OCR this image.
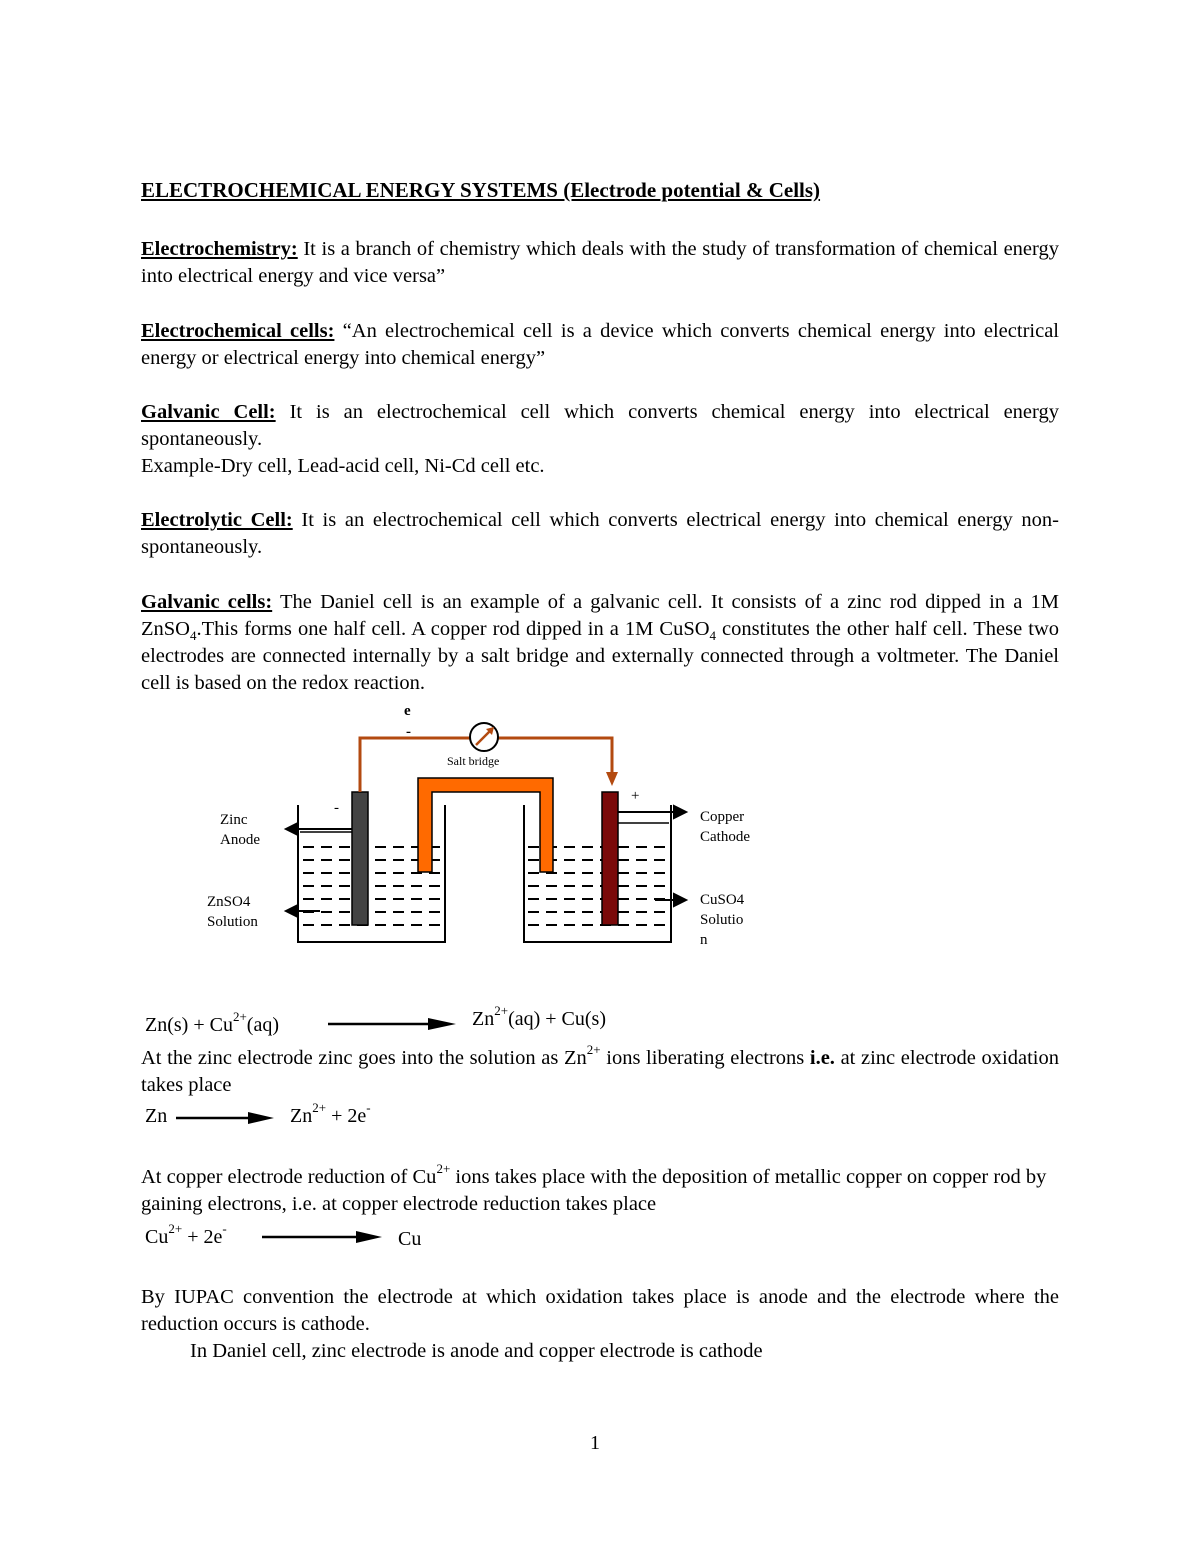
ELECTROCHEMICAL ENERGY SYSTEMS (Electrode potential & Cells)
Electrochemistry: It is a branch of chemistry which deals with the study of transformation of chemical energy into electrical energy and vice versa”
Electrochemical cells: “An electrochemical cell is a device which converts chemical energy into electrical energy or electrical energy into chemical energy”
Galvanic Cell: It is an electrochemical cell which converts chemical energy into electrical energy spontaneously.
Example-Dry cell, Lead-acid cell, Ni-Cd cell etc.
Electrolytic Cell: It is an electrochemical cell which converts electrical energy into chemical energy non-spontaneously.
Galvanic cells: The Daniel cell is an example of a galvanic cell. It consists of a zinc rod dipped in a 1M ZnSO$_4$.This forms one half cell. A copper rod dipped in a 1M CuSO$_4$ constitutes the other half cell. These two electrodes are connected internally by a salt bridge and externally connected through a voltmeter. The Daniel cell is based on the redox reaction.
e
-
Salt bridge
-
+
Zinc
Anode
ZnSO4
Solution
Copper
Cathode
CuSO4
Solutio
n
$Zn(s) + Cu^{2+}(aq)$	$Zn^{2+}(aq) + Cu(s)$
At the zinc electrode zinc goes into the solution as $Zn^{2+}$ ions liberating electrons i.e. at zinc electrode oxidation takes place
Zn	$Zn^{2+} + 2e^-$
At copper electrode reduction of $Cu^{2+}$ ions takes place with the deposition of metallic copper on copper rod by gaining electrons, i.e. at copper electrode reduction takes place
$Cu^{2+} + 2e^-$	Cu
By IUPAC convention the electrode at which oxidation takes place is anode and the electrode where the reduction occurs is cathode.
In Daniel cell, zinc electrode is anode and copper electrode is cathode
1
